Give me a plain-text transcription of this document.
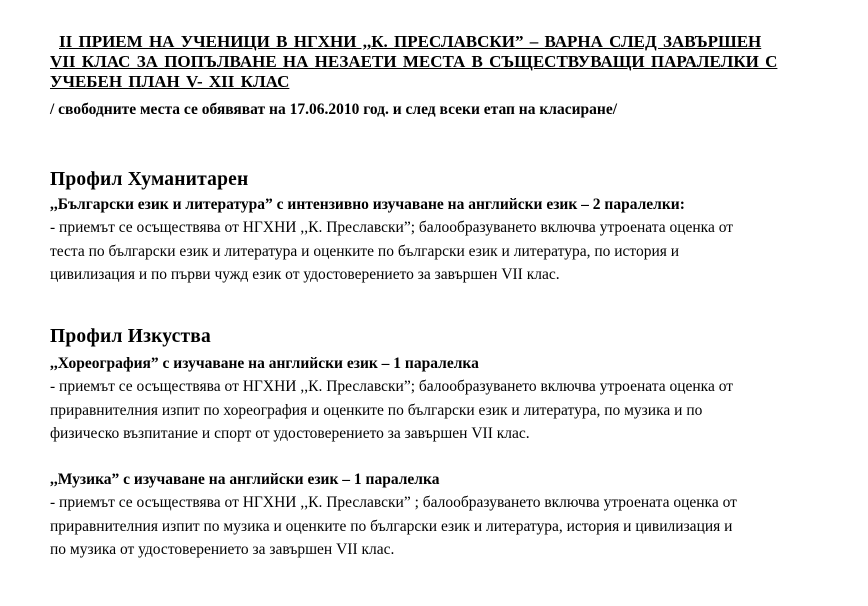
II ПРИЕМ НА УЧЕНИЦИ В НГХНИ ,,К. ПРЕСЛАВСКИ” – ВАРНА СЛЕД ЗАВЪРШЕН
VII КЛАС ЗА ПОПЪЛВАНЕ НА НЕЗАЕТИ МЕСТА В СЪЩЕСТВУВАЩИ ПАРАЛЕЛКИ С
УЧЕБЕН ПЛАН V- XII КЛАС
/ свободните места се обявяват на 17.06.2010 год. и след всеки етап на класиране/
Профил Хуманитарен
,,Български език и литература” с интензивно изучаване на английски език – 2 паралелки:
- приемът се осъществява от НГХНИ ,,К. Преславски”; балообразуването включва утроената оценка от
теста по български език и литература и оценките по български език и литература, по история и
цивилизация и по първи чужд език от удостоверението за завършен VII клас.
Профил Изкуства
,,Хореография” с изучаване на английски език – 1 паралелка
- приемът се осъществява от НГХНИ ,,К. Преславски”; балообразуването включва утроената оценка от
приравнителния изпит по хореография и оценките по български език и литература, по музика и по
физическо възпитание и спорт от удостоверението за завършен VII клас.
,,Музика” с изучаване на английски език – 1 паралелка
- приемът се осъществява от НГХНИ ,,К. Преславски” ; балообразуването включва утроената оценка от
приравнителния изпит по музика и оценките по български език и литература, история и цивилизация и
по музика от удостоверението за завършен VII клас.
